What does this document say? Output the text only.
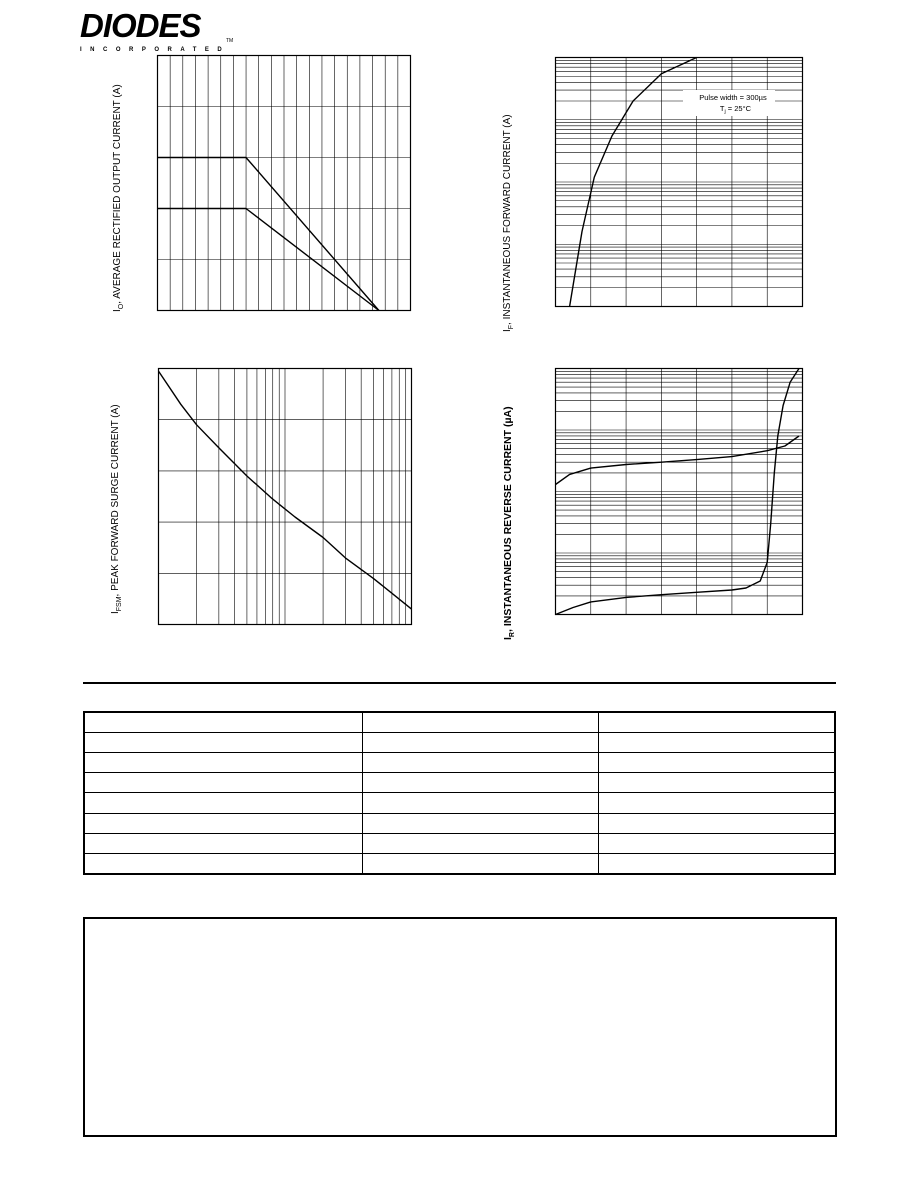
DIODES
INCORPORATED
TM
$I_O$, AVERAGE RECTIFIED OUTPUT CURRENT (A)
$I_F$, INSTANTANEOUS FORWARD CURRENT (A)
Pulse width = 300µs
$T_j = 25^\circ C$
$I_{FSM}$, PEAK FORWARD SURGE CURRENT (A)
$I_R$, INSTANTANEOUS REVERSE CURRENT (µA)
